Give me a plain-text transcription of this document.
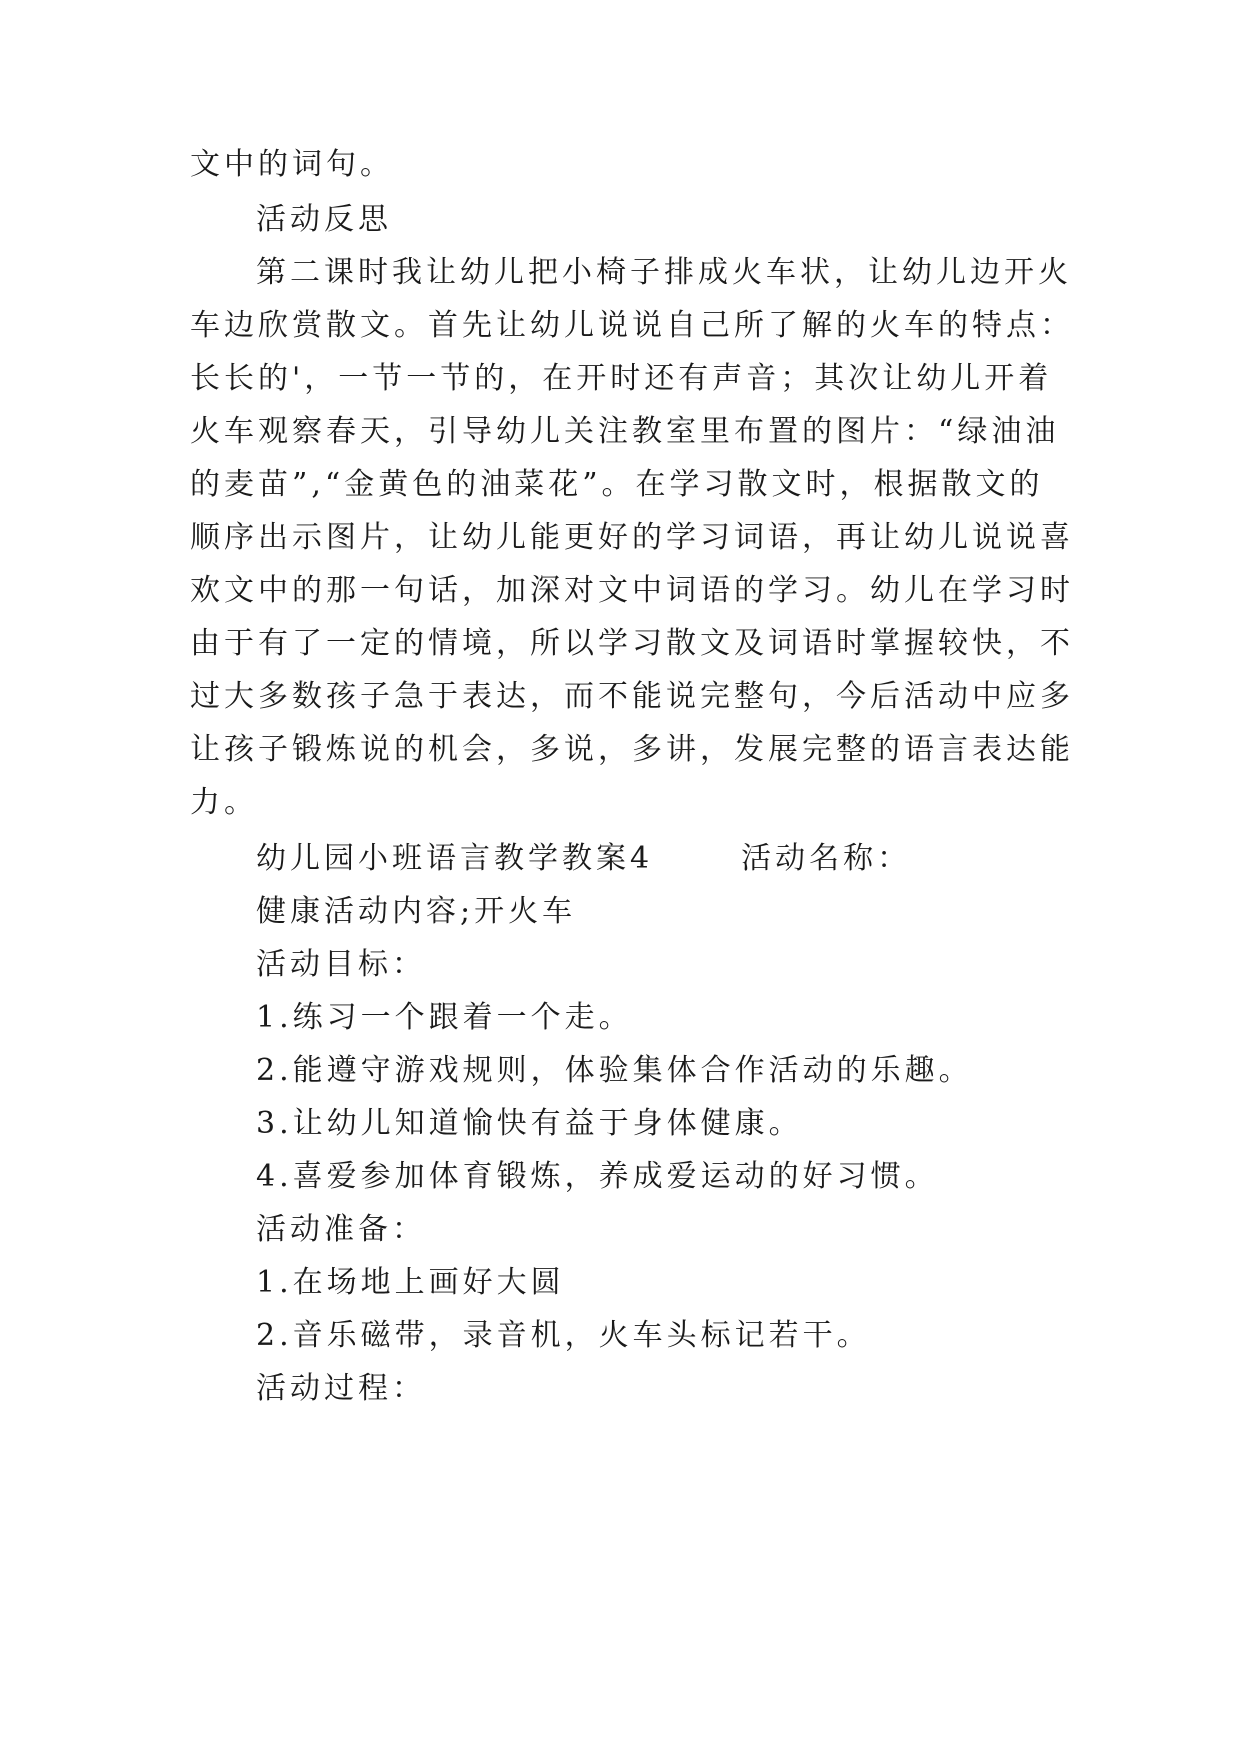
文中的词句。
活动反思
第二课时我让幼儿把小椅子排成火车状，让幼儿边开火
车边欣赏散文。首先让幼儿说说自己所了解的火车的特点：
长长的'，一节一节的，在开时还有声音；其次让幼儿开着
火车观察春天，引导幼儿关注教室里布置的图片：“绿油油
的麦苗”,“金黄色的油菜花”。在学习散文时，根据散文的
顺序出示图片，让幼儿能更好的学习词语，再让幼儿说说喜
欢文中的那一句话，加深对文中词语的学习。幼儿在学习时
由于有了一定的情境，所以学习散文及词语时掌握较快，不
过大多数孩子急于表达，而不能说完整句，今后活动中应多
让孩子锻炼说的机会，多说，多讲，发展完整的语言表达能
力。
幼儿园小班语言教学教案4	活动名称：
健康活动内容;开火车
活动目标：
1.练习一个跟着一个走。
2.能遵守游戏规则，体验集体合作活动的乐趣。
3.让幼儿知道愉快有益于身体健康。
4.喜爱参加体育锻炼，养成爱运动的好习惯。
活动准备：
1.在场地上画好大圆
2.音乐磁带，录音机，火车头标记若干。
活动过程：
